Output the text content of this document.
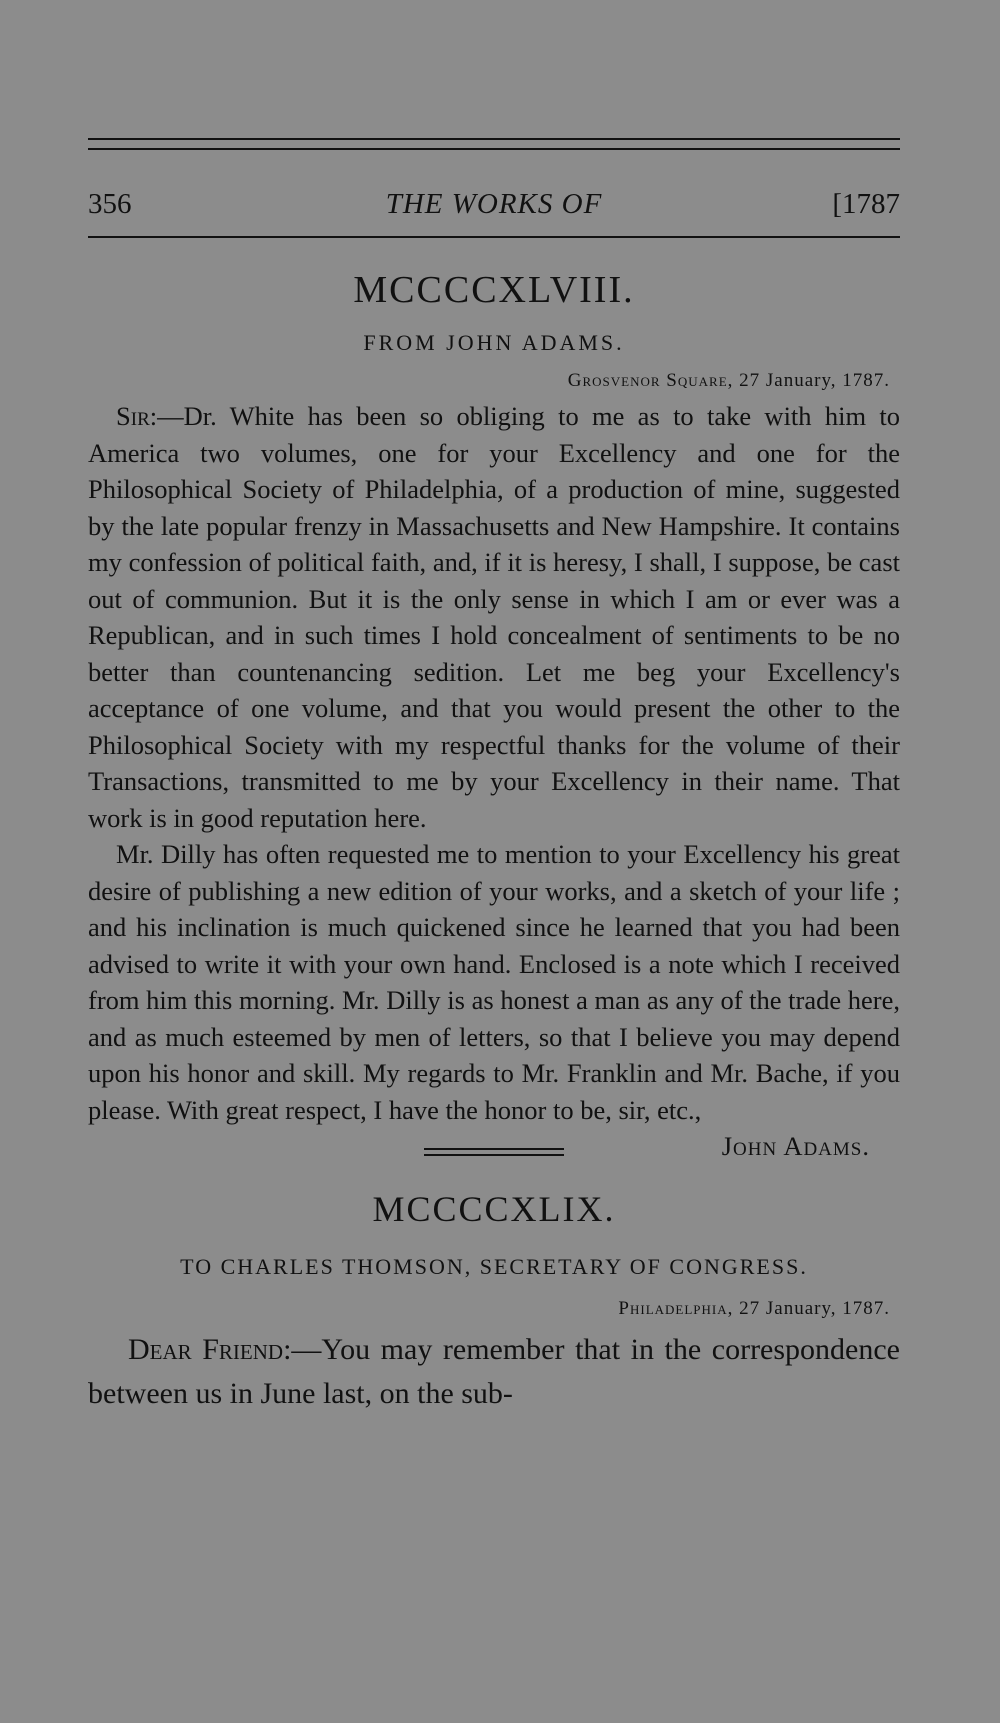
356	THE WORKS OF	[1787
MCCCCXLVIII.
FROM JOHN ADAMS.
Grosvenor Square, 27 January, 1787.

Sir:—Dr. White has been so obliging to me as to take with him to America two volumes, one for your Excellency and one for the Philosophical Society of Philadelphia, of a production of mine, suggested by the late popular frenzy in Massachusetts and New Hampshire. It contains my confession of political faith, and, if it is heresy, I shall, I suppose, be cast out of communion. But it is the only sense in which I am or ever was a Republican, and in such times I hold concealment of sentiments to be no better than countenancing sedition. Let me beg your Excellency's acceptance of one volume, and that you would present the other to the Philosophical Society with my respectful thanks for the volume of their Transactions, transmitted to me by your Excellency in their name. That work is in good reputation here.

Mr. Dilly has often requested me to mention to your Excellency his great desire of publishing a new edition of your works, and a sketch of your life ; and his inclination is much quickened since he learned that you had been advised to write it with your own hand. Enclosed is a note which I received from him this morning. Mr. Dilly is as honest a man as any of the trade here, and as much esteemed by men of letters, so that I believe you may depend upon his honor and skill. My regards to Mr. Franklin and Mr. Bache, if you please. With great respect, I have the honor to be, sir, etc.,
John Adams.

MCCCCXLIX.
TO CHARLES THOMSON, SECRETARY OF CONGRESS.
Philadelphia, 27 January, 1787.

Dear Friend:—You may remember that in the correspondence between us in June last, on the sub-
